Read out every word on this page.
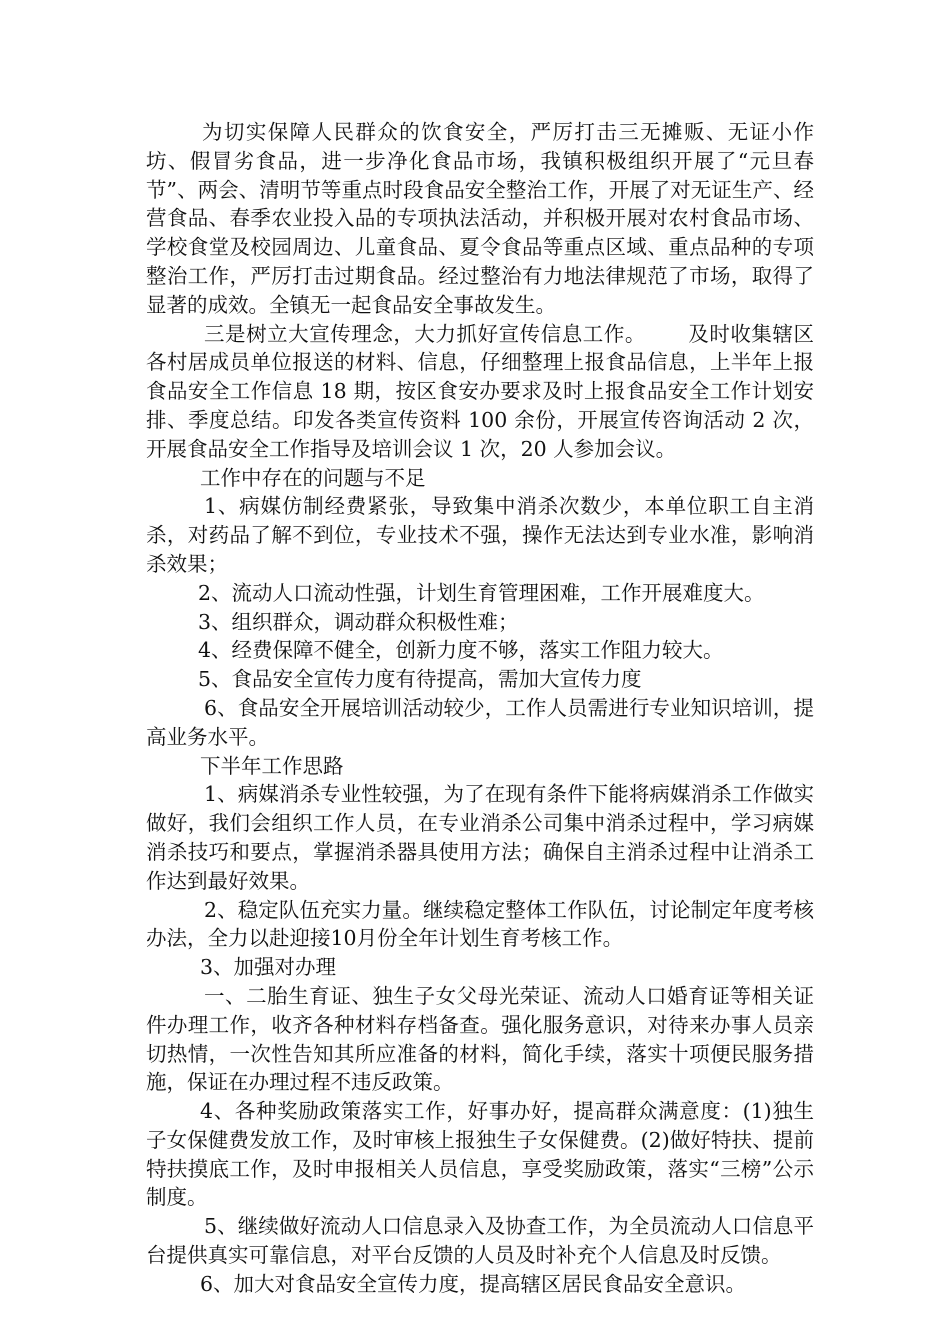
为切实保障人民群众的饮食安全，严厉打击三无摊贩、无证小作坊、假冒劣食品，进一步净化食品市场，我镇积极组织开展了“元旦春节”、两会、清明节等重点时段食品安全整治工作，开展了对无证生产、经营食品、春季农业投入品的专项执法活动，并积极开展对农村食品市场、学校食堂及校园周边、儿童食品、夏令食品等重点区域、重点品种的专项整治工作，严厉打击过期食品。经过整治有力地法律规范了市场，取得了显著的成效。全镇无一起食品安全事故发生。

三是树立大宣传理念，大力抓好宣传信息工作。      及时收集辖区各村居成员单位报送的材料、信息，仔细整理上报食品信息，上半年上报食品安全工作信息 18 期，按区食安办要求及时上报食品安全工作计划安排、季度总结。印发各类宣传资料 100 余份，开展宣传咨询活动 2 次，开展食品安全工作指导及培训会议 1 次，20 人参加会议。

工作中存在的问题与不足

1、病媒仿制经费紧张，导致集中消杀次数少，本单位职工自主消杀，对药品了解不到位，专业技术不强，操作无法达到专业水准，影响消杀效果；

2、流动人口流动性强，计划生育管理困难，工作开展难度大。

3、组织群众，调动群众积极性难；

4、经费保障不健全，创新力度不够，落实工作阻力较大。

5、食品安全宣传力度有待提高，需加大宣传力度

6、食品安全开展培训活动较少，工作人员需进行专业知识培训，提高业务水平。

下半年工作思路

1、病媒消杀专业性较强，为了在现有条件下能将病媒消杀工作做实做好，我们会组织工作人员，在专业消杀公司集中消杀过程中，学习病媒消杀技巧和要点，掌握消杀器具使用方法；确保自主消杀过程中让消杀工作达到最好效果。

2、稳定队伍充实力量。继续稳定整体工作队伍，讨论制定年度考核办法，全力以赴迎接10月份全年计划生育考核工作。

3、加强对办理

一、二胎生育证、独生子女父母光荣证、流动人口婚育证等相关证件办理工作，收齐各种材料存档备查。强化服务意识，对待来办事人员亲切热情，一次性告知其所应准备的材料，简化手续，落实十项便民服务措施，保证在办理过程不违反政策。

4、各种奖励政策落实工作，好事办好，提高群众满意度：(1)独生子女保健费发放工作，及时审核上报独生子女保健费。(2)做好特扶、提前特扶摸底工作，及时申报相关人员信息，享受奖励政策，落实“三榜”公示制度。

5、继续做好流动人口信息录入及协查工作，为全员流动人口信息平台提供真实可靠信息，对平台反馈的人员及时补充个人信息及时反馈。

6、加大对食品安全宣传力度，提高辖区居民食品安全意识。
